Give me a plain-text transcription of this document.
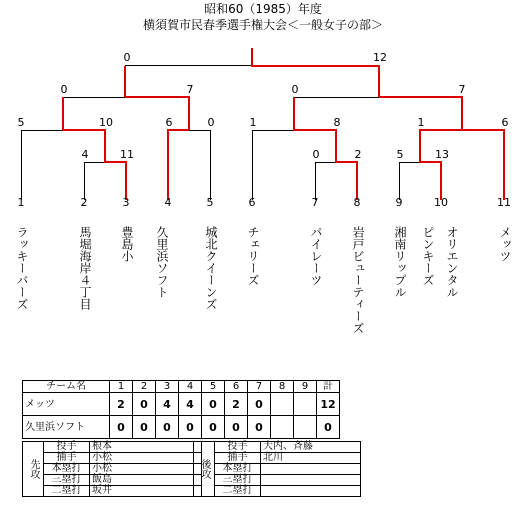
昭和60（1985）年度
横須賀市民春季選手権大会＜一般女子の部＞
0	12
0	7	0	7
5	10	6	0	1	8	1	6
4	11	0	2	5	13
1	2	3	4	5	6	7	8	9	10	11
ラッキーバーズ	馬堀海岸４丁目 豊島小 久里浜ソフト	城北クイーンズ チェリーズ	パイレーツ 岩戸ビューティーズ 湘南リップル ピンキーズ オリエンタル	メッツ
チーム名	1	2	3	4	5	6	7	8	9	計
メッツ	2	0	4	4	0	2	0			12
久里浜ソフト	0	0	0	0	0	0	0			0
先攻	投手	根本
	捕手	小松
	本塁打	小松
	三塁打	飯島
	二塁打	坂井
後攻	投手	大内、斉藤
	捕手	北川
	本塁打	
	三塁打	
	二塁打	
